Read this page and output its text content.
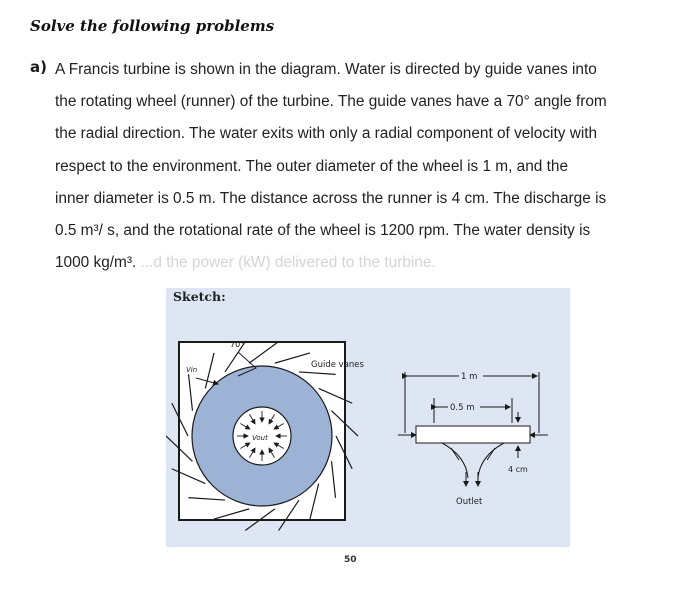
Solve the following problems
a) A Francis turbine is shown in the diagram. Water is directed by guide vanes into
the rotating wheel (runner) of the turbine. The guide vanes have a 70° angle from
the radial direction. The water exits with only a radial component of velocity with
respect to the environment. The outer diameter of the wheel is 1 m, and the
inner diameter is 0.5 m. The distance across the runner is 4 cm. The discharge is
0.5 m³/ s, and the rotational rate of the wheel is 1200 rpm. The water density is
1000 kg/m³. ...d the power (kW) delivered to the turbine.
Sketch:
70°
Vin
Vout
Guide vanes
1 m
0.5 m
4 cm
Outlet
50
